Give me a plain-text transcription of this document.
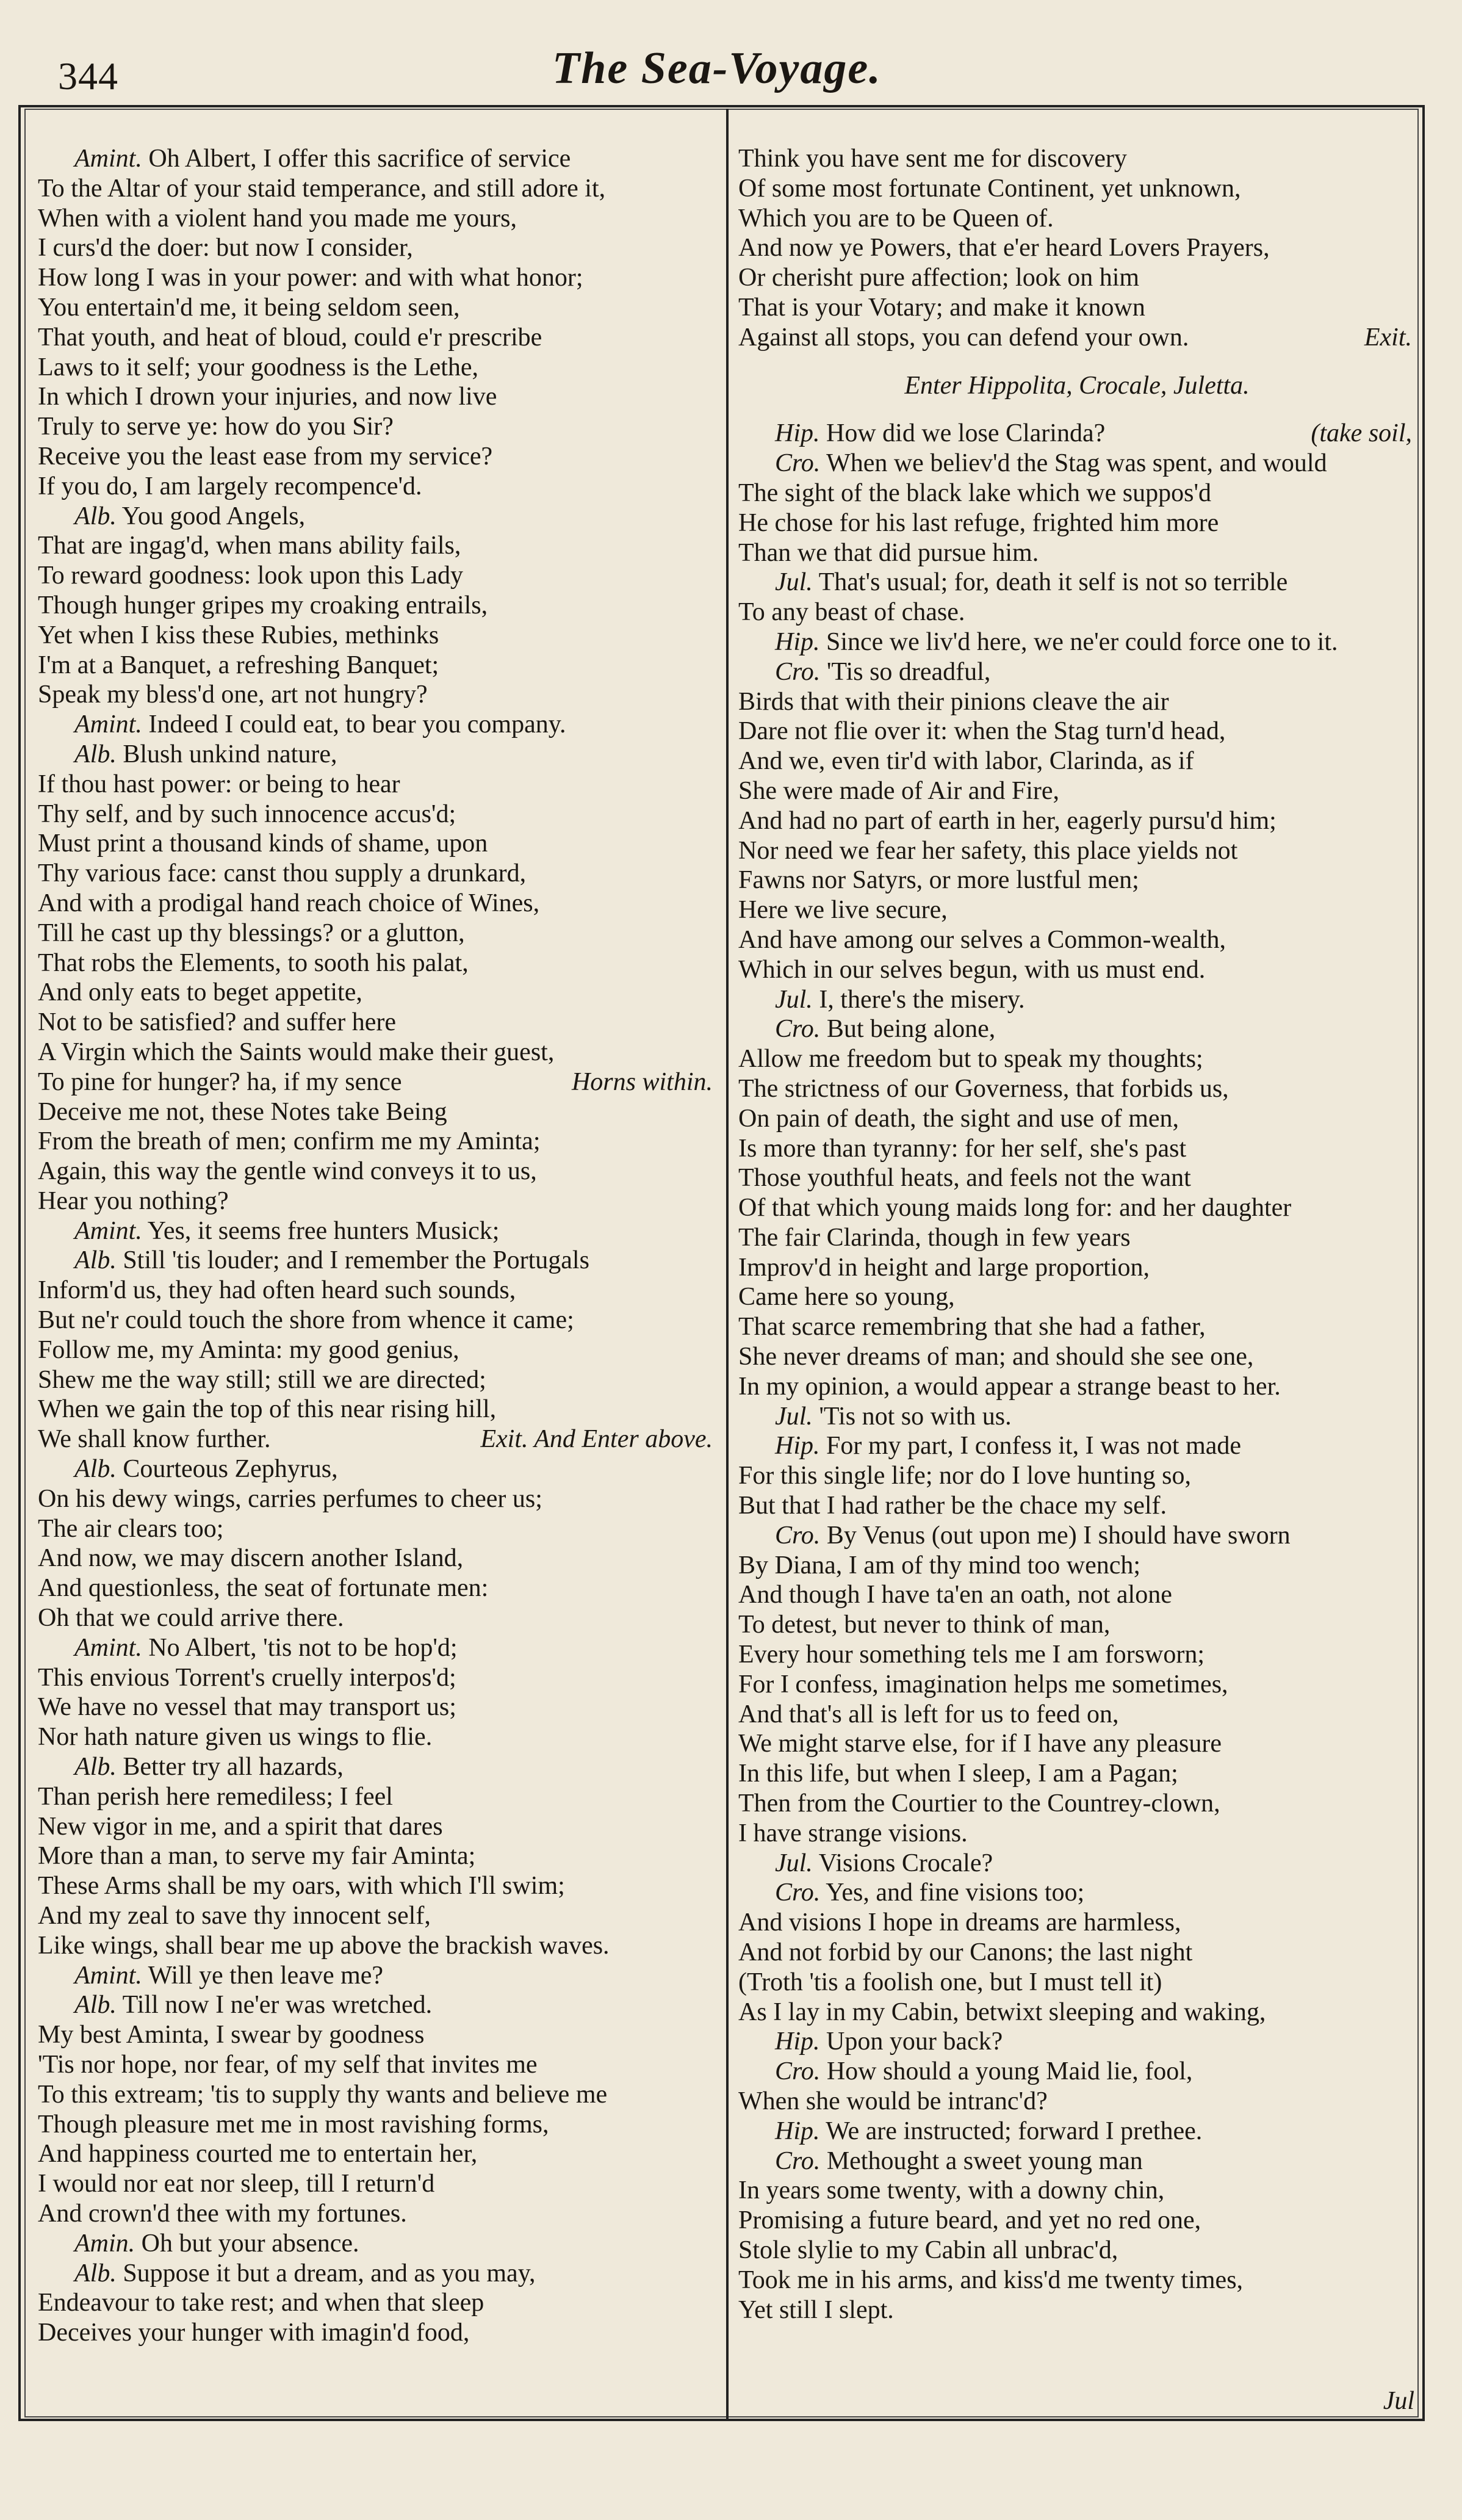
344	The Sea-Voyage.
Amint. Oh Albert, I offer this sacrifice of service
To the Altar of your staid temperance, and still adore it,
When with a violent hand you made me yours,
I curs'd the doer: but now I consider,
How long I was in your power: and with what honor;
You entertain'd me, it being seldom seen,
That youth, and heat of bloud, could e'r prescribe
Laws to it self; your goodness is the Lethe,
In which I drown your injuries, and now live
Truly to serve ye: how do you Sir?
Receive you the least ease from my service?
If you do, I am largely recompence'd.
Alb. You good Angels,
That are ingag'd, when mans ability fails,
To reward goodness: look upon this Lady
Though hunger gripes my croaking entrails,
Yet when I kiss these Rubies, methinks
I'm at a Banquet, a refreshing Banquet;
Speak my bless'd one, art not hungry?
Amint. Indeed I could eat, to bear you company.
Alb. Blush unkind nature,
If thou hast power: or being to hear
Thy self, and by such innocence accus'd;
Must print a thousand kinds of shame, upon
Thy various face: canst thou supply a drunkard,
And with a prodigal hand reach choice of Wines,
Till he cast up thy blessings? or a glutton,
That robs the Elements, to sooth his palat,
And only eats to beget appetite,
Not to be satisfied? and suffer here
A Virgin which the Saints would make their guest,
To pine for hunger? ha, if my sence	Horns within.
Deceive me not, these Notes take Being
From the breath of men; confirm me my Aminta;
Again, this way the gentle wind conveys it to us,
Hear you nothing?
Amint. Yes, it seems free hunters Musick;
Alb. Still 'tis louder; and I remember the Portugals
Inform'd us, they had often heard such sounds,
But ne'r could touch the shore from whence it came;
Follow me, my Aminta: my good genius,
Shew me the way still; still we are directed;
When we gain the top of this near rising hill,
We shall know further.	Exit. And Enter above.
Alb. Courteous Zephyrus,
On his dewy wings, carries perfumes to cheer us;
The air clears too;
And now, we may discern another Island,
And questionless, the seat of fortunate men:
Oh that we could arrive there.
Amint. No Albert, 'tis not to be hop'd;
This envious Torrent's cruelly interpos'd;
We have no vessel that may transport us;
Nor hath nature given us wings to flie.
Alb. Better try all hazards,
Than perish here remediless; I feel
New vigor in me, and a spirit that dares
More than a man, to serve my fair Aminta;
These Arms shall be my oars, with which I'll swim;
And my zeal to save thy innocent self,
Like wings, shall bear me up above the brackish waves.
Amint. Will ye then leave me?
Alb. Till now I ne'er was wretched.
My best Aminta, I swear by goodness
'Tis nor hope, nor fear, of my self that invites me
To this extream; 'tis to supply thy wants and believe me
Though pleasure met me in most ravishing forms,
And happiness courted me to entertain her,
I would nor eat nor sleep, till I return'd
And crown'd thee with my fortunes.
Amin. Oh but your absence.
Alb. Suppose it but a dream, and as you may,
Endeavour to take rest; and when that sleep
Deceives your hunger with imagin'd food,
Think you have sent me for discovery
Of some most fortunate Continent, yet unknown,
Which you are to be Queen of.
And now ye Powers, that e'er heard Lovers Prayers,
Or cherisht pure affection; look on him
That is your Votary; and make it known
Against all stops, you can defend your own.	Exit.
Enter Hippolita, Crocale, Juletta.
Hip. How did we lose Clarinda?	(take soil,
Cro. When we believ'd the Stag was spent, and would
The sight of the black lake which we suppos'd
He chose for his last refuge, frighted him more
Than we that did pursue him.
Jul. That's usual; for, death it self is not so terrible
To any beast of chase.
Hip. Since we liv'd here, we ne'er could force one to it.
Cro. 'Tis so dreadful,
Birds that with their pinions cleave the air
Dare not flie over it: when the Stag turn'd head,
And we, even tir'd with labor, Clarinda, as if
She were made of Air and Fire,
And had no part of earth in her, eagerly pursu'd him;
Nor need we fear her safety, this place yields not
Fawns nor Satyrs, or more lustful men;
Here we live secure,
And have among our selves a Common-wealth,
Which in our selves begun, with us must end.
Jul. I, there's the misery.
Cro. But being alone,
Allow me freedom but to speak my thoughts;
The strictness of our Governess, that forbids us,
On pain of death, the sight and use of men,
Is more than tyranny: for her self, she's past
Those youthful heats, and feels not the want
Of that which young maids long for: and her daughter
The fair Clarinda, though in few years
Improv'd in height and large proportion,
Came here so young,
That scarce remembring that she had a father,
She never dreams of man; and should she see one,
In my opinion, a would appear a strange beast to her.
Jul. 'Tis not so with us.
Hip. For my part, I confess it, I was not made
For this single life; nor do I love hunting so,
But that I had rather be the chace my self.
Cro. By Venus (out upon me) I should have sworn
By Diana, I am of thy mind too wench;
And though I have ta'en an oath, not alone
To detest, but never to think of man,
Every hour something tels me I am forsworn;
For I confess, imagination helps me sometimes,
And that's all is left for us to feed on,
We might starve else, for if I have any pleasure
In this life, but when I sleep, I am a Pagan;
Then from the Courtier to the Countrey-clown,
I have strange visions.
Jul. Visions Crocale?
Cro. Yes, and fine visions too;
And visions I hope in dreams are harmless,
And not forbid by our Canons; the last night
(Troth 'tis a foolish one, but I must tell it)
As I lay in my Cabin, betwixt sleeping and waking,
Hip. Upon your back?
Cro. How should a young Maid lie, fool,
When she would be intranc'd?
Hip. We are instructed; forward I prethee.
Cro. Methought a sweet young man
In years some twenty, with a downy chin,
Promising a future beard, and yet no red one,
Stole slylie to my Cabin all unbrac'd,
Took me in his arms, and kiss'd me twenty times,
Yet still I slept.
Jul
